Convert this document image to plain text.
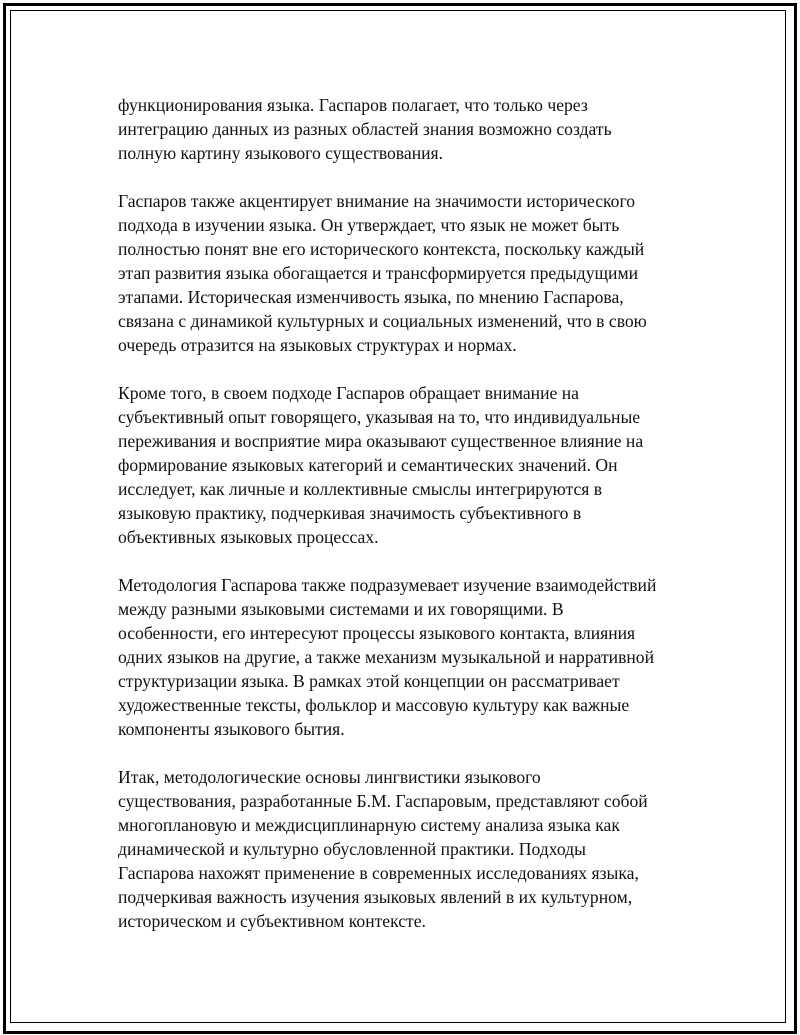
функционирования языка. Гаспаров полагает, что только через
интеграцию данных из разных областей знания возможно создать
полную картину языкового существования.
Гаспаров также акцентирует внимание на значимости исторического
подхода в изучении языка. Он утверждает, что язык не может быть
полностью понят вне его исторического контекста, поскольку каждый
этап развития языка обогащается и трансформируется предыдущими
этапами. Историческая изменчивость языка, по мнению Гаспарова,
связана с динамикой культурных и социальных изменений, что в свою
очередь отразится на языковых структурах и нормах.
Кроме того, в своем подходе Гаспаров обращает внимание на
субъективный опыт говорящего, указывая на то, что индивидуальные
переживания и восприятие мира оказывают существенное влияние на
формирование языковых категорий и семантических значений. Он
исследует, как личные и коллективные смыслы интегрируются в
языковую практику, подчеркивая значимость субъективного в
объективных языковых процессах.
Методология Гаспарова также подразумевает изучение взаимодействий
между разными языковыми системами и их говорящими. В
особенности, его интересуют процессы языкового контакта, влияния
одних языков на другие, а также механизм музыкальной и нарративной
структуризации языка. В рамках этой концепции он рассматривает
художественные тексты, фольклор и массовую культуру как важные
компоненты языкового бытия.
Итак, методологические основы лингвистики языкового
существования, разработанные Б.М. Гаспаровым, представляют собой
многоплановую и междисциплинарную систему анализа языка как
динамической и культурно обусловленной практики. Подходы
Гаспарова нахожят применение в современных исследованиях языка,
подчеркивая важность изучения языковых явлений в их культурном,
историческом и субъективном контексте.
